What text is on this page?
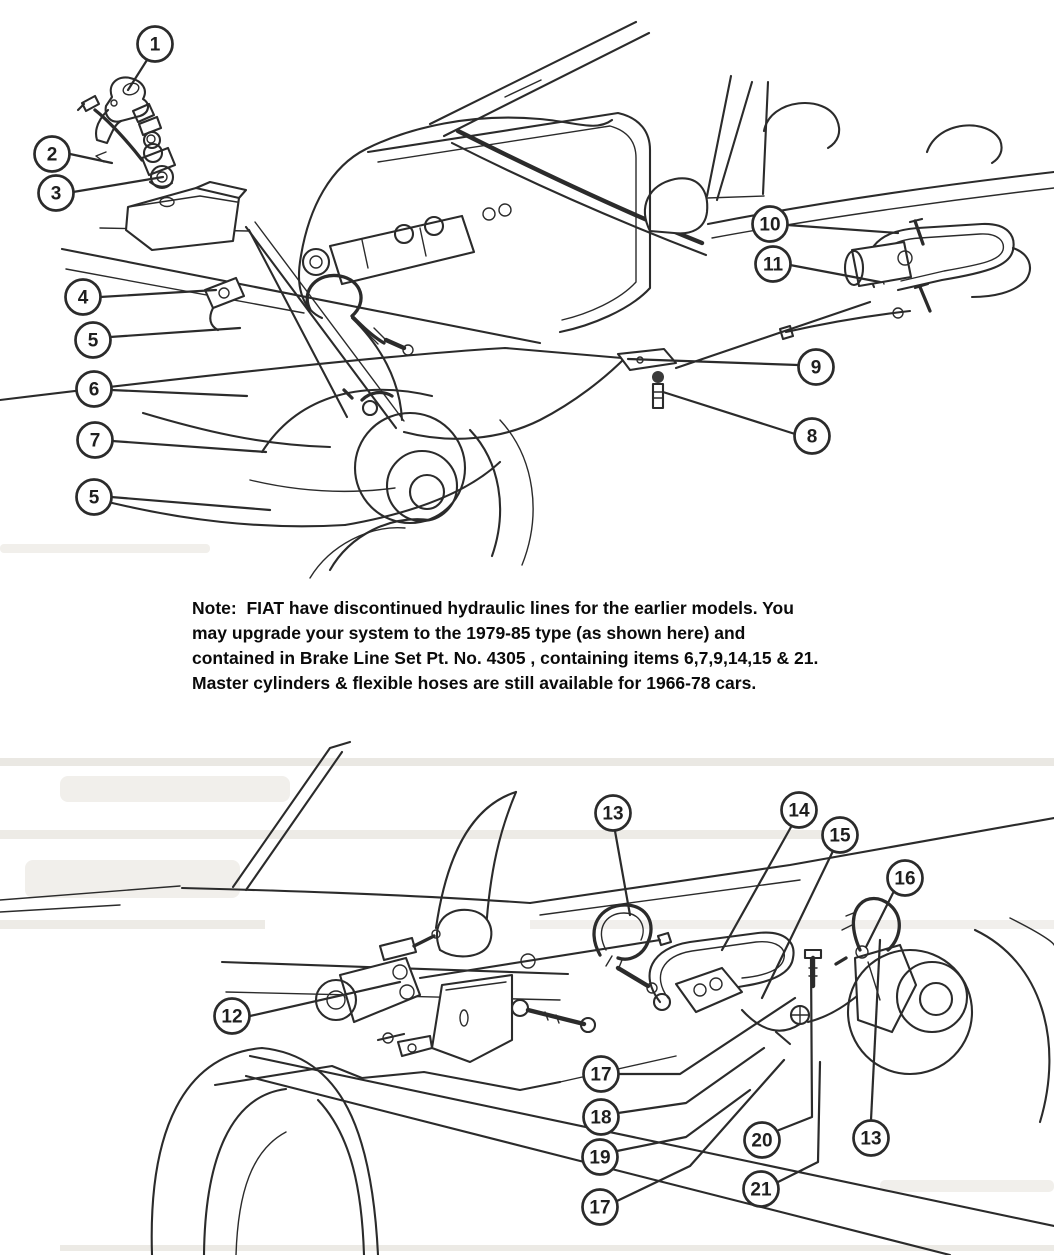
1
2
3
4
5
6
7
5
8
9
10
11
Note:  FIAT have discontinued hydraulic lines for the earlier models. You
may upgrade your system to the 1979-85 type (as shown here) and
contained in Brake Line Set Pt. No. 4305 , containing items 6,7,9,14,15 & 21.
Master cylinders & flexible hoses are still available for 1966-78 cars.
13	14
15
16
12
17
18
19
17
20
21
13
